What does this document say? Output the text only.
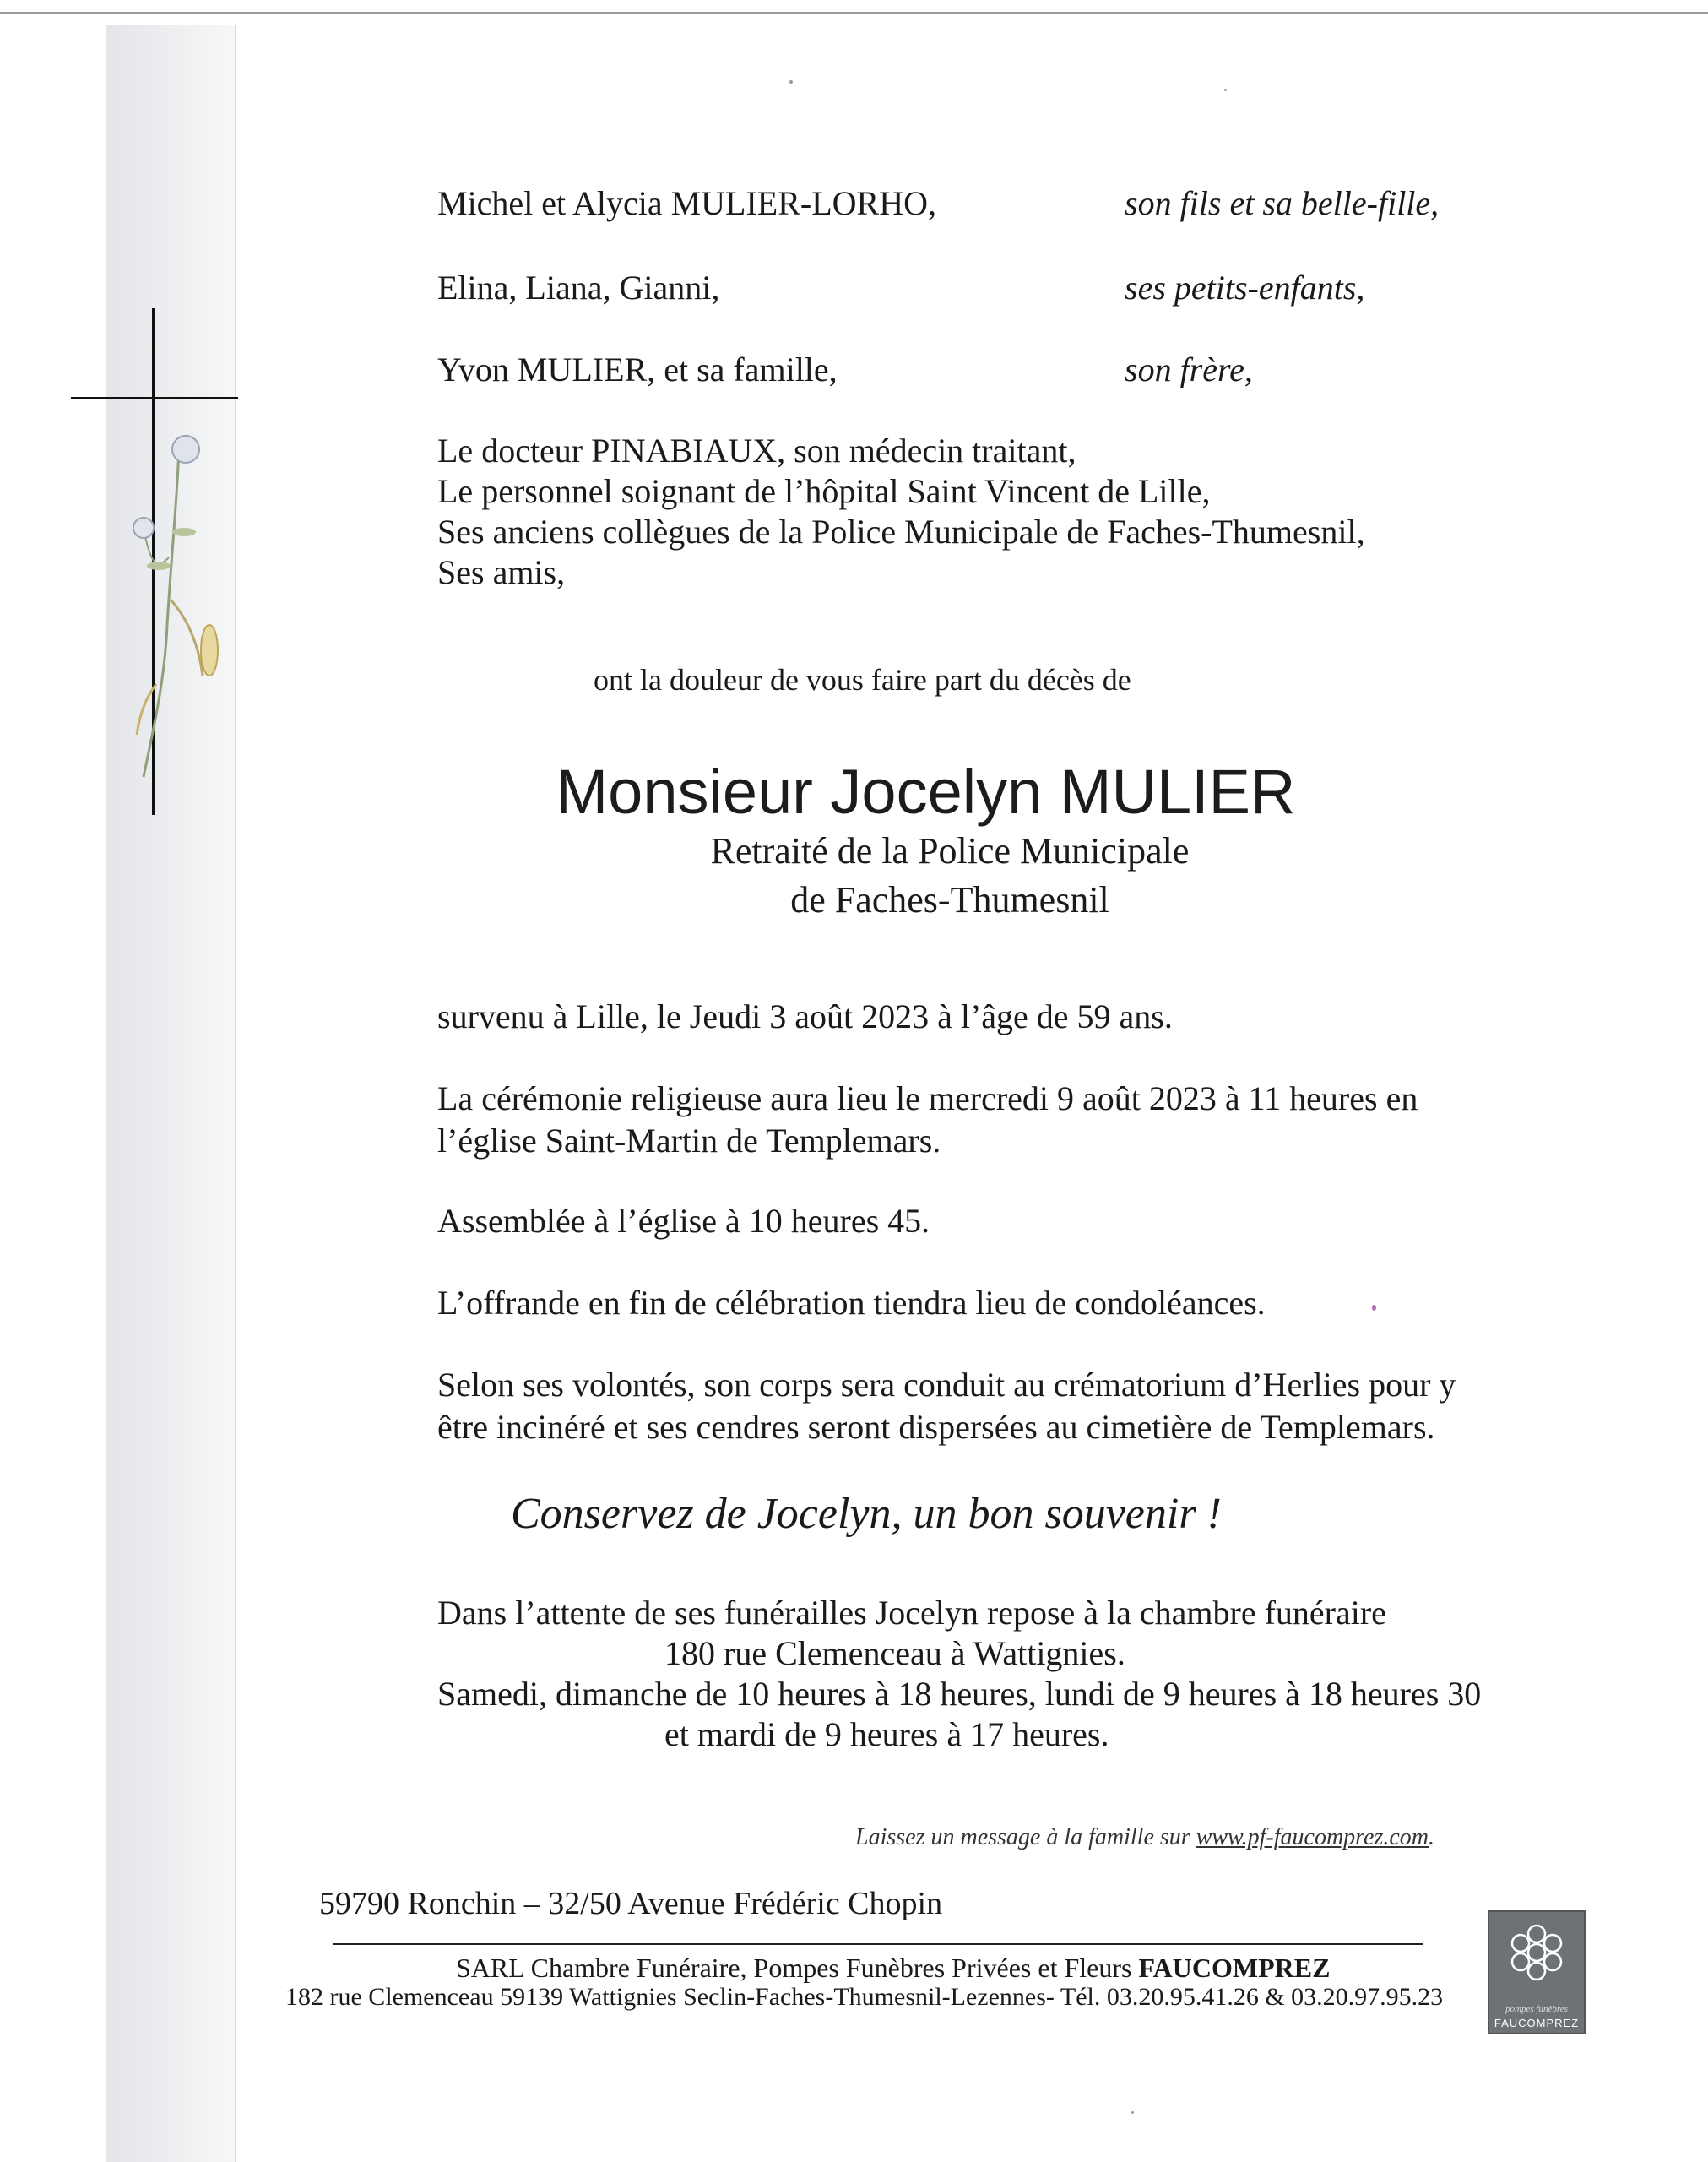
Michel et Alycia MULIER-LORHO,	son fils et sa belle-fille,
Elina, Liana, Gianni,	ses petits-enfants,
Yvon MULIER, et sa famille,	son frère,
Le docteur PINABIAUX, son médecin traitant,
Le personnel soignant de l’hôpital Saint Vincent de Lille,
Ses anciens collègues de la Police Municipale de Faches-Thumesnil,
Ses amis,
ont la douleur de vous faire part du décès de
Monsieur Jocelyn MULIER
Retraité de la Police Municipale
de Faches-Thumesnil
survenu à Lille, le Jeudi 3 août 2023 à l’âge de 59 ans.
La cérémonie religieuse aura lieu le mercredi 9 août 2023 à 11 heures en
l’église Saint-Martin de Templemars.
Assemblée à l’église à 10 heures 45.
L’offrande en fin de célébration tiendra lieu de condoléances.
Selon ses volontés, son corps sera conduit au crématorium d’Herlies pour y
être incinéré et ses cendres seront dispersées au cimetière de Templemars.
Conservez de Jocelyn, un bon souvenir !
Dans l’attente de ses funérailles Jocelyn repose à la chambre funéraire
180 rue Clemenceau à Wattignies.
Samedi, dimanche de 10 heures à 18 heures, lundi de 9 heures à 18 heures 30
et mardi de 9 heures à 17 heures.
Laissez un message à la famille sur www.pf-faucomprez.com.
59790 Ronchin – 32/50 Avenue Frédéric Chopin
SARL Chambre Funéraire, Pompes Funèbres Privées et Fleurs FAUCOMPREZ
182 rue Clemenceau 59139 Wattignies Seclin-Faches-Thumesnil-Lezennes- Tél. 03.20.95.41.26 & 03.20.97.95.23	pompes funèbres
FAUCOMPREZ
